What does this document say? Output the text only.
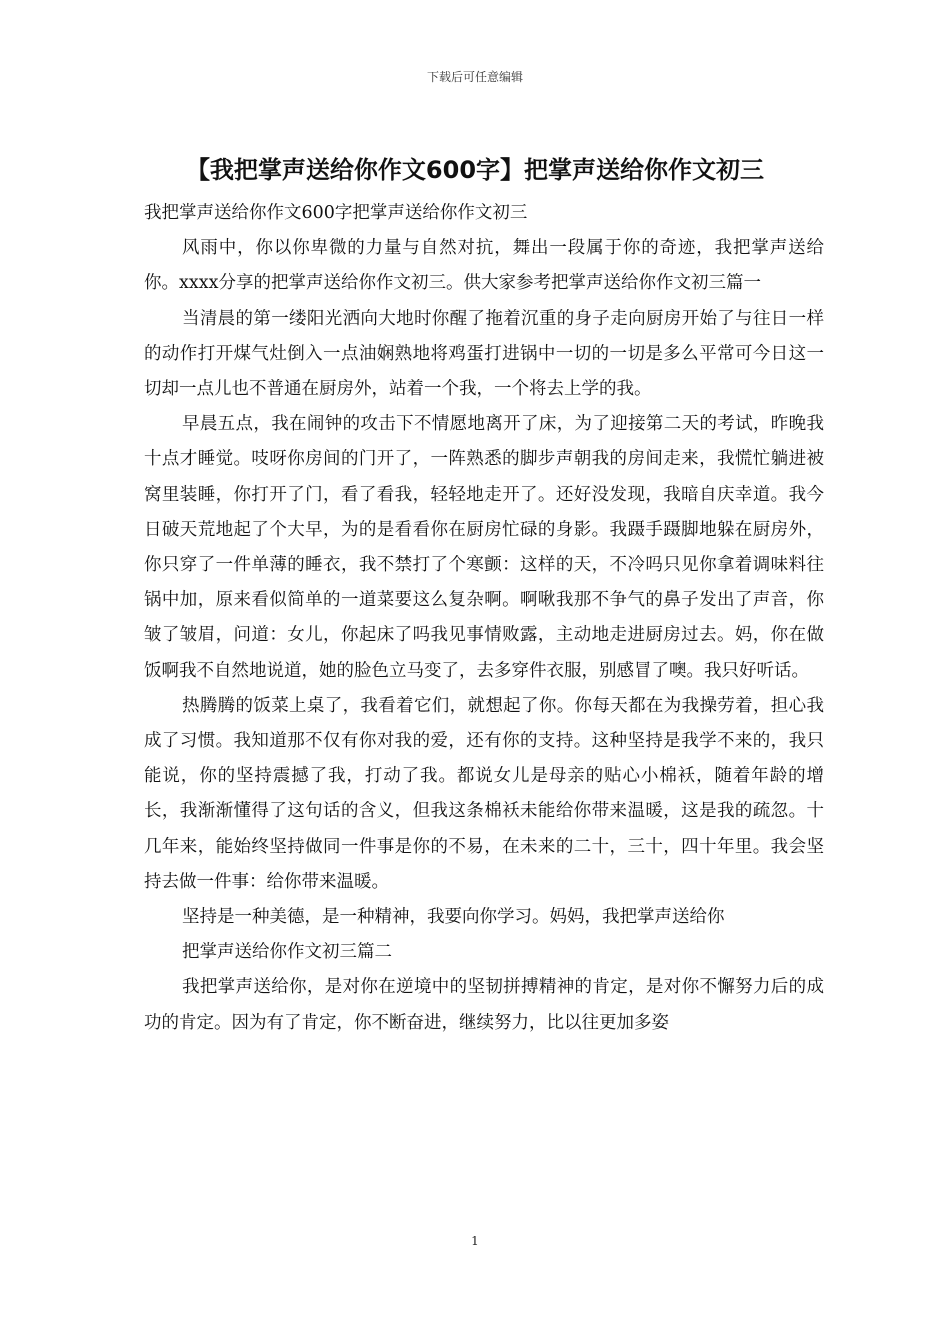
下载后可任意编辑
【我把掌声送给你作文600字】把掌声送给你作文初三

我把掌声送给你作文600字把掌声送给你作文初三

风雨中，你以你卑微的力量与自然对抗，舞出一段属于你的奇迹，我把掌声送给你。xxxx分享的把掌声送给你作文初三。供大家参考把掌声送给你作文初三篇一

当清晨的第一缕阳光洒向大地时你醒了拖着沉重的身子走向厨房开始了与往日一样的动作打开煤气灶倒入一点油娴熟地将鸡蛋打进锅中一切的一切是多么平常可今日这一切却一点儿也不普通在厨房外，站着一个我，一个将去上学的我。

早晨五点，我在闹钟的攻击下不情愿地离开了床，为了迎接第二天的考试，昨晚我十点才睡觉。吱呀你房间的门开了，一阵熟悉的脚步声朝我的房间走来，我慌忙躺进被窝里装睡，你打开了门，看了看我，轻轻地走开了。还好没发现，我暗自庆幸道。我今日破天荒地起了个大早，为的是看看你在厨房忙碌的身影。我蹑手蹑脚地躲在厨房外，你只穿了一件单薄的睡衣，我不禁打了个寒颤：这样的天，不冷吗只见你拿着调味料往锅中加，原来看似简单的一道菜要这么复杂啊。啊啾我那不争气的鼻子发出了声音，你皱了皱眉，问道：女儿，你起床了吗我见事情败露，主动地走进厨房过去。妈，你在做饭啊我不自然地说道，她的脸色立马变了，去多穿件衣服，别感冒了噢。我只好听话。

热腾腾的饭菜上桌了，我看着它们，就想起了你。你每天都在为我操劳着，担心我成了习惯。我知道那不仅有你对我的爱，还有你的支持。这种坚持是我学不来的，我只能说，你的坚持震撼了我，打动了我。都说女儿是母亲的贴心小棉袄，随着年龄的增长，我渐渐懂得了这句话的含义，但我这条棉袄未能给你带来温暖，这是我的疏忽。十几年来，能始终坚持做同一件事是你的不易，在未来的二十，三十，四十年里。我会坚持去做一件事：给你带来温暖。

坚持是一种美德，是一种精神，我要向你学习。妈妈，我把掌声送给你

把掌声送给你作文初三篇二

我把掌声送给你，是对你在逆境中的坚韧拼搏精神的肯定，是对你不懈努力后的成功的肯定。因为有了肯定，你不断奋进，继续努力，比以往更加多姿

1
